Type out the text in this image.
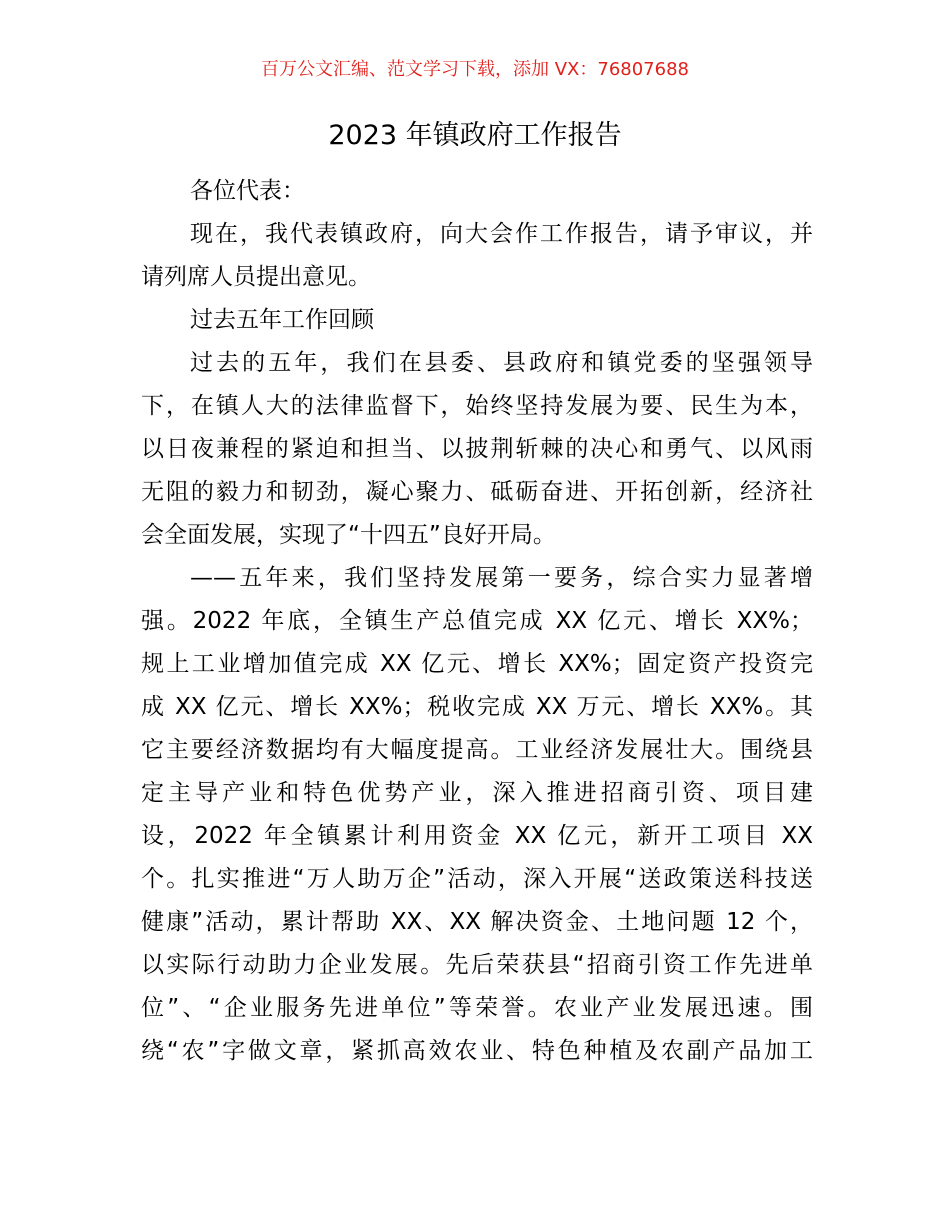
百万公文汇编、范文学习下载，添加 VX：76807688
2023 年镇政府工作报告
各位代表：
现在，我代表镇政府，向大会作工作报告，请予审议，并
请列席人员提出意见。
过去五年工作回顾
过去的五年，我们在县委、县政府和镇党委的坚强领导
下，在镇人大的法律监督下，始终坚持发展为要、民生为本，
以日夜兼程的紧迫和担当、以披荆斩棘的决心和勇气、以风雨
无阻的毅力和韧劲，凝心聚力、砥砺奋进、开拓创新，经济社
会全面发展，实现了“十四五”良好开局。
——五年来，我们坚持发展第一要务，综合实力显著增
强。2022 年底，全镇生产总值完成 XX 亿元、增长 XX%；
规上工业增加值完成 XX 亿元、增长 XX%；固定资产投资完
成 XX 亿元、增长 XX%；税收完成 XX 万元、增长 XX%。其
它主要经济数据均有大幅度提高。工业经济发展壮大。围绕县
定主导产业和特色优势产业，深入推进招商引资、项目建
设，2022 年全镇累计利用资金 XX 亿元，新开工项目 XX
个。扎实推进“万人助万企”活动，深入开展“送政策送科技送
健康”活动，累计帮助 XX、XX 解决资金、土地问题 12 个，
以实际行动助力企业发展。先后荣获县“招商引资工作先进单
位”、“企业服务先进单位”等荣誉。农业产业发展迅速。围
绕“农”字做文章，紧抓高效农业、特色种植及农副产品加工
